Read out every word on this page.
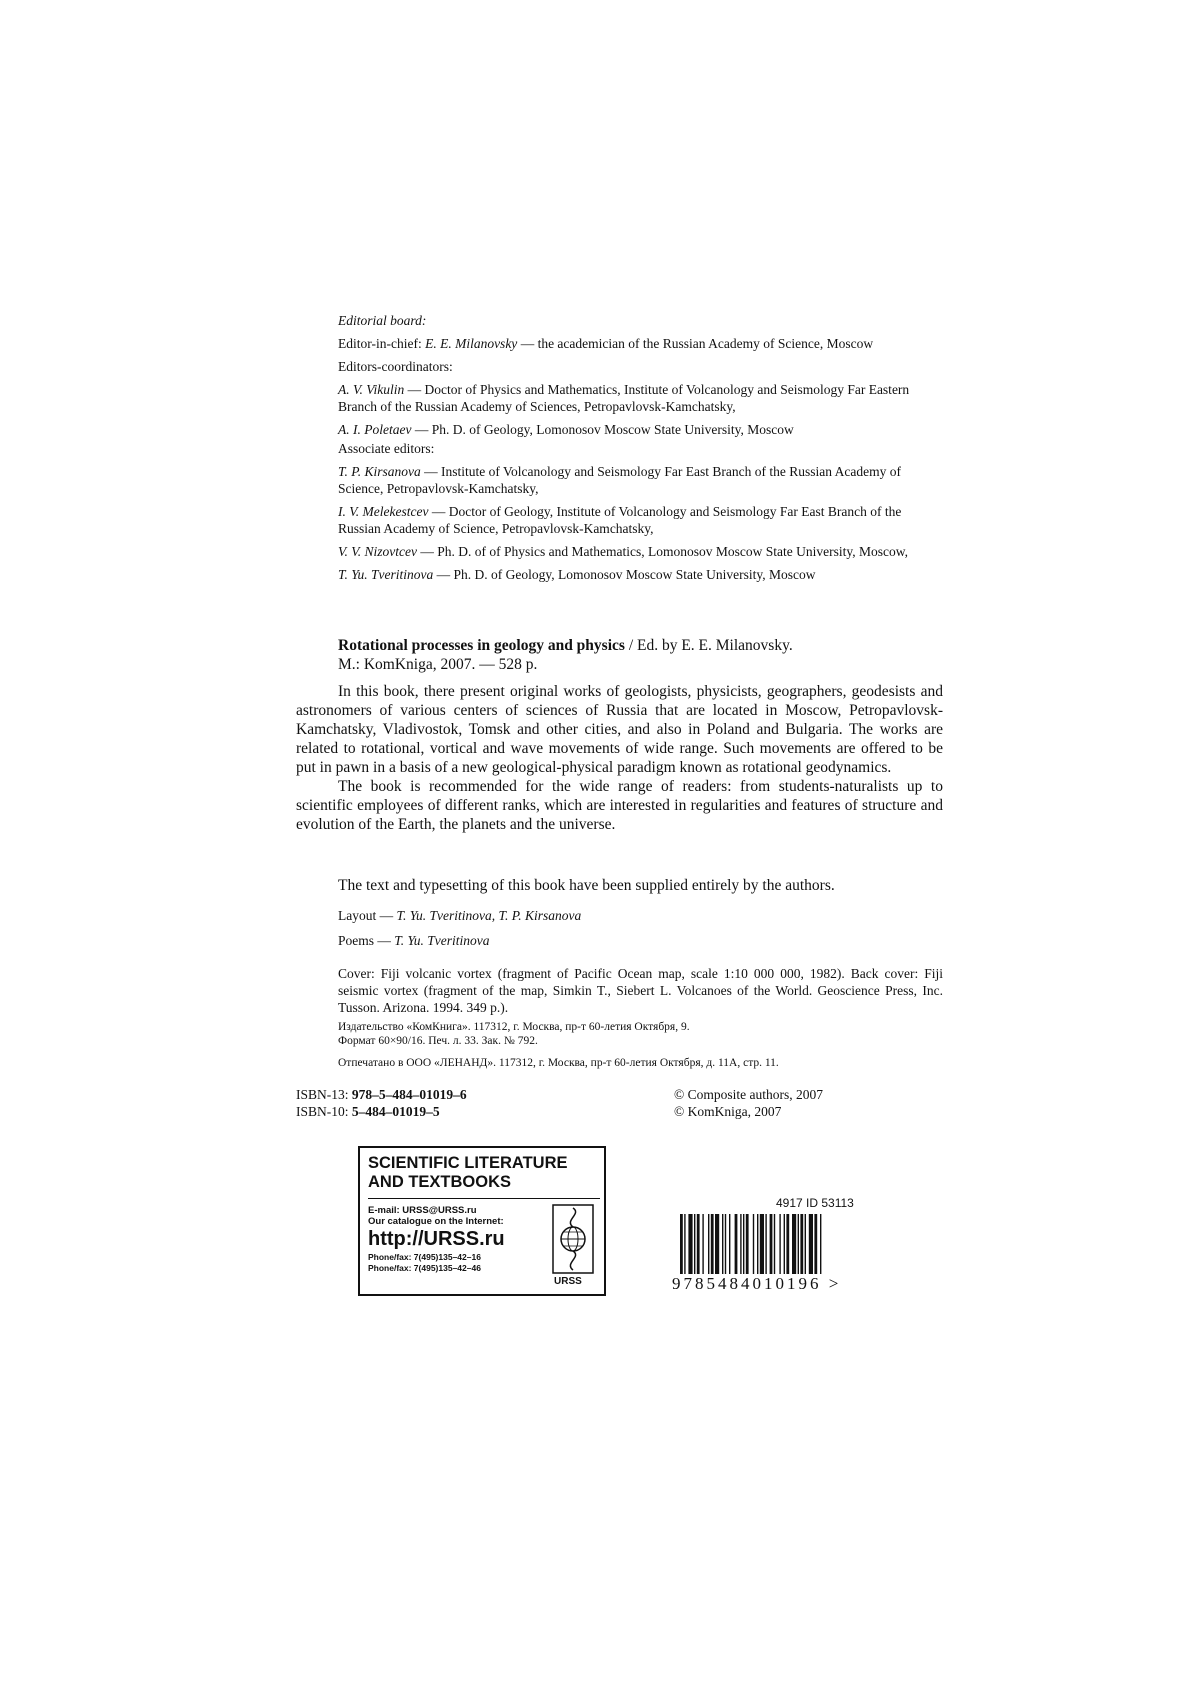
Editorial board:

Editor-in-chief: E. E. Milanovsky — the academician of the Russian Academy of Science, Moscow

Editors-coordinators:

A. V. Vikulin — Doctor of Physics and Mathematics, Institute of Volcanology and Seismology Far Eastern Branch of the Russian Academy of Sciences, Petropavlovsk-Kamchatsky,

A. I. Poletaev — Ph. D. of Geology, Lomonosov Moscow State University, Moscow

Associate editors:

T. P. Kirsanova — Institute of Volcanology and Seismology Far East Branch of the Russian Academy of Science, Petropavlovsk-Kamchatsky,

I. V. Melekestcev — Doctor of Geology, Institute of Volcanology and Seismology Far East Branch of the Russian Academy of Science, Petropavlovsk-Kamchatsky,

V. V. Nizovtcev — Ph. D. of of Physics and Mathematics, Lomonosov Moscow State University, Moscow,

T. Yu. Tveritinova — Ph. D. of Geology, Lomonosov Moscow State University, Moscow

Rotational processes in geology and physics / Ed. by E. E. Milanovsky.
M.: KomKniga, 2007. — 528 p.

In this book, there present original works of geologists, physicists, geographers, geodesists and astronomers of various centers of sciences of Russia that are located in Moscow, Petropavlovsk-Kamchatsky, Vladivostok, Tomsk and other cities, and also in Poland and Bulgaria. The works are related to rotational, vortical and wave movements of wide range. Such movements are offered to be put in pawn in a basis of a new geological-physical paradigm known as rotational geodynamics.

The book is recommended for the wide range of readers: from students-naturalists up to scientific employees of different ranks, which are interested in regularities and features of structure and evolution of the Earth, the planets and the universe.

The text and typesetting of this book have been supplied entirely by the authors.

Layout — T. Yu. Tveritinova, T. P. Kirsanova

Poems — T. Yu. Tveritinova

Cover: Fiji volcanic vortex (fragment of Pacific Ocean map, scale 1:10 000 000, 1982). Back cover: Fiji seismic vortex (fragment of the map, Simkin T., Siebert L. Volcanoes of the World. Geoscience Press, Inc. Tusson. Arizona. 1994. 349 p.).

Издательство «КомКнига». 117312, г. Москва, пр-т 60-летия Октября, 9.
Формат 60×90/16. Печ. л. 33. Зак. № 792.
Отпечатано в ООО «ЛЕНАНД». 117312, г. Москва, пр-т 60-летия Октября, д. 11А, стр. 11.
ISBN-13: 978–5–484–01019–6
ISBN-10: 5–484–01019–5
© Composite authors, 2007
© KomKniga, 2007
SCIENTIFIC LITERATURE AND TEXTBOOKS
E-mail: URSS@URSS.ru
Our catalogue on the Internet:
http://URSS.ru
Phone/fax: 7(495)135–42–16
Phone/fax: 7(495)135–42–46
URSS
4917 ID 53113
9785484010196 >
